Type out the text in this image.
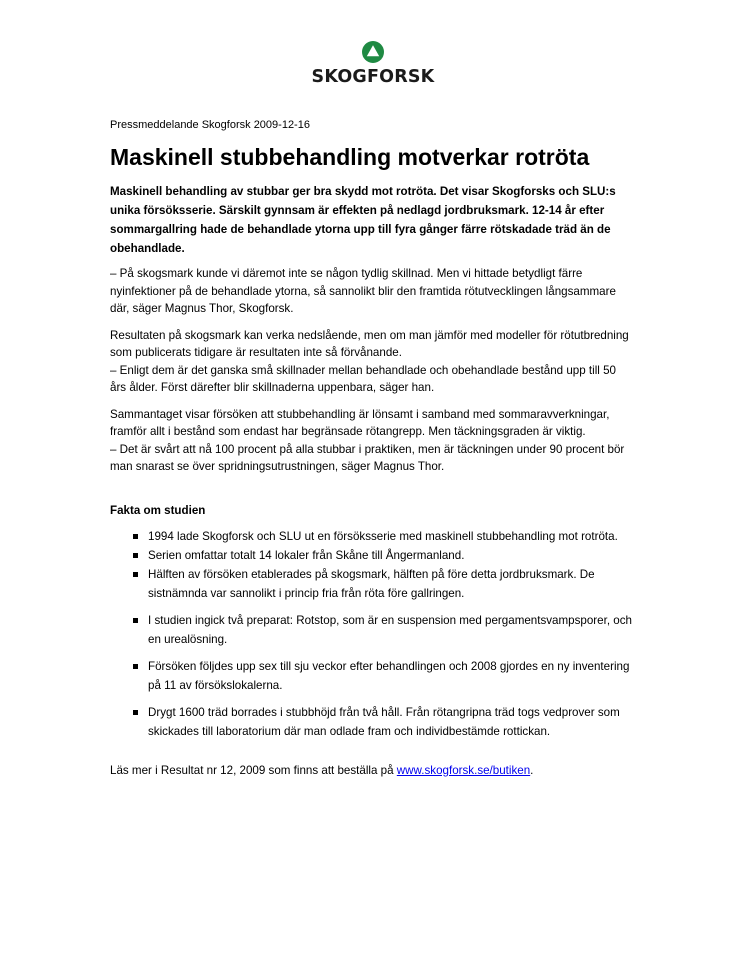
SKOGFORSK
Pressmeddelande Skogforsk 2009-12-16
Maskinell stubbehandling motverkar rotröta
Maskinell behandling av stubbar ger bra skydd mot rotröta. Det visar Skogforsks och SLU:s unika försöksserie. Särskilt gynnsam är effekten på nedlagd jordbruksmark. 12-14 år efter sommargallring hade de behandlade ytorna upp till fyra gånger färre rötskadade träd än de obehandlade.
– På skogsmark kunde vi däremot inte se någon tydlig skillnad. Men vi hittade betydligt färre nyinfektioner på de behandlade ytorna, så sannolikt blir den framtida rötutvecklingen långsammare där, säger Magnus Thor, Skogforsk.
Resultaten på skogsmark kan verka nedslående, men om man jämför med modeller för rötutbredning som publicerats tidigare är resultaten inte så förvånande.
– Enligt dem är det ganska små skillnader mellan behandlade och obehandlade bestånd upp till 50 års ålder. Först därefter blir skillnaderna uppenbara, säger han.
Sammantaget visar försöken att stubbehandling är lönsamt i samband med sommaravverkningar, framför allt i bestånd som endast har begränsade rötangrepp. Men täckningsgraden är viktig.
– Det är svårt att nå 100 procent på alla stubbar i praktiken, men är täckningen under 90 procent bör man snarast se över spridningsutrustningen, säger Magnus Thor.
Fakta om studien
1994 lade Skogforsk och SLU ut en försöksserie med maskinell stubbehandling mot rotröta.
Serien omfattar totalt 14 lokaler från Skåne till Ångermanland.
Hälften av försöken etablerades på skogsmark, hälften på före detta jordbruksmark. De sistnämnda var sannolikt i princip fria från röta före gallringen.
I studien ingick två preparat: Rotstop, som är en suspension med pergamentsvampsporer, och en urealösning.
Försöken följdes upp sex till sju veckor efter behandlingen och 2008 gjordes en ny inventering på 11 av försökslokalerna.
Drygt 1600 träd borrades i stubbhöjd från två håll. Från rötangripna träd togs vedprover som skickades till laboratorium där man odlade fram och individbestämde rottickan.
Läs mer i Resultat nr 12, 2009 som finns att beställa på www.skogforsk.se/butiken.
